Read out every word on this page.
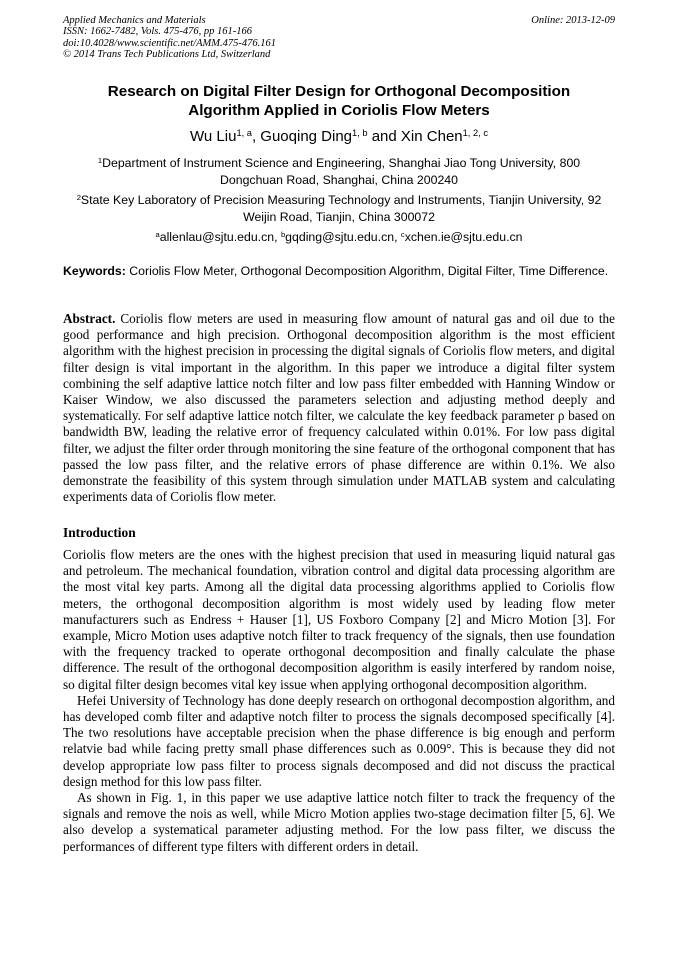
Applied Mechanics and Materials
ISSN: 1662-7482, Vols. 475-476, pp 161-166
doi:10.4028/www.scientific.net/AMM.475-476.161
© 2014 Trans Tech Publications Ltd, Switzerland
Online: 2013-12-09
Research on Digital Filter Design for Orthogonal Decomposition
Algorithm Applied in Coriolis Flow Meters
Wu Liu$^{1, a}$, Guoqing Ding$^{1, b}$ and Xin Chen$^{1, 2, c}$
$^1$Department of Instrument Science and Engineering, Shanghai Jiao Tong University, 800
Dongchuan Road, Shanghai, China 200240
$^2$State Key Laboratory of Precision Measuring Technology and Instruments, Tianjin University, 92
Weijin Road, Tianjin, China 300072
$^a$allenlau@sjtu.edu.cn, $^b$gqding@sjtu.edu.cn, $^c$xchen.ie@sjtu.edu.cn
Keywords: Coriolis Flow Meter, Orthogonal Decomposition Algorithm, Digital Filter, Time Difference.
Abstract. Coriolis flow meters are used in measuring flow amount of natural gas and oil due to the good performance and high precision. Orthogonal decomposition algorithm is the most efficient algorithm with the highest precision in processing the digital signals of Coriolis flow meters, and digital filter design is vital important in the algorithm. In this paper we introduce a digital filter system combining the self adaptive lattice notch filter and low pass filter embedded with Hanning Window or Kaiser Window, we also discussed the parameters selection and adjusting method deeply and systematically. For self adaptive lattice notch filter, we calculate the key feedback parameter ρ based on bandwidth BW, leading the relative error of frequency calculated within 0.01%. For low pass digital filter, we adjust the filter order through monitoring the sine feature of the orthogonal component that has passed the low pass filter, and the relative errors of phase difference are within 0.1%. We also demonstrate the feasibility of this system through simulation under MATLAB system and calculating experiments data of Coriolis flow meter.
Introduction

Coriolis flow meters are the ones with the highest precision that used in measuring liquid natural gas and petroleum. The mechanical foundation, vibration control and digital data processing algorithm are the most vital key parts. Among all the digital data processing algorithms applied to Coriolis flow meters, the orthogonal decomposition algorithm is most widely used by leading flow meter manufacturers such as Endress + Hauser [1], US Foxboro Company [2] and Micro Motion [3]. For example, Micro Motion uses adaptive notch filter to track frequency of the signals, then use foundation with the frequency tracked to operate orthogonal decomposition and finally calculate the phase difference. The result of the orthogonal decomposition algorithm is easily interfered by random noise, so digital filter design becomes vital key issue when applying orthogonal decomposition algorithm.

Hefei University of Technology has done deeply research on orthogonal decompostion algorithm, and has developed comb filter and adaptive notch filter to process the signals decomposed specifically [4]. The two resolutions have acceptable precision when the phase difference is big enough and perform relatvie bad while facing pretty small phase differences such as 0.009°. This is because they did not develop appropriate low pass filter to process signals decomposed and did not discuss the practical design method for this low pass filter.

As shown in Fig. 1, in this paper we use adaptive lattice notch filter to track the frequency of the signals and remove the nois as well, while Micro Motion applies two-stage decimation filter [5, 6]. We also develop a systematical parameter adjusting method. For the low pass filter, we discuss the performances of different type filters with different orders in detail.
